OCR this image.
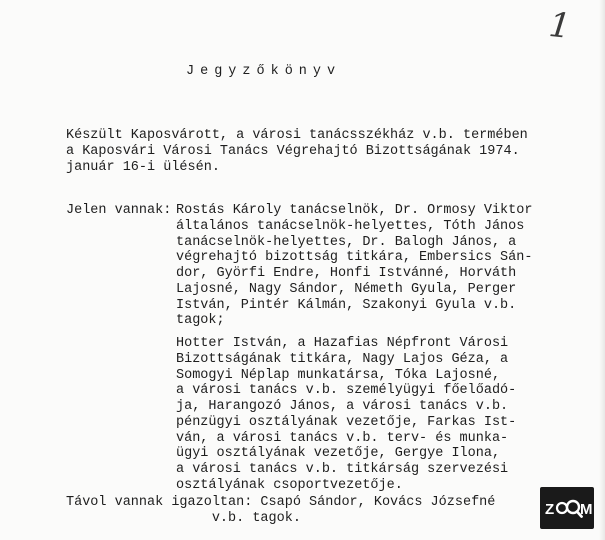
1
Jegyzőkönyv
Készült Kaposvárott, a városi tanácsszékház v.b. termében
a Kaposvári Városi Tanács Végrehajtó Bizottságának 1974.
január 16-i ülésén.
Jelen vannak: Rostás Károly tanácselnök, Dr. Ormosy Viktor
általános tanácselnök-helyettes, Tóth János
tanácselnök-helyettes, Dr. Balogh János, a
végrehajtó bizottság titkára, Embersics Sán-
dor, Györfi Endre, Honfi Istvánné, Horváth
Lajosné, Nagy Sándor, Németh Gyula, Perger
István, Pintér Kálmán, Szakonyi Gyula v.b.
tagok;
Hotter István, a Hazafias Népfront Városi
Bizottságának titkára, Nagy Lajos Géza, a
Somogyi Néplap munkatársa, Tóka Lajosné,
a városi tanács v.b. személyügyi főelőadó-
ja, Harangozó János, a városi tanács v.b.
pénzügyi osztályának vezetője, Farkas Ist-
ván, a városi tanács v.b. terv- és munka-
ügyi osztályának vezetője, Gergye Ilona,
a városi tanács v.b. titkárság szervezési
osztályának csoportvezetője.
Távol vannak igazoltan: Csapó Sándor, Kovács Józsefné
v.b. tagok.
Z M
